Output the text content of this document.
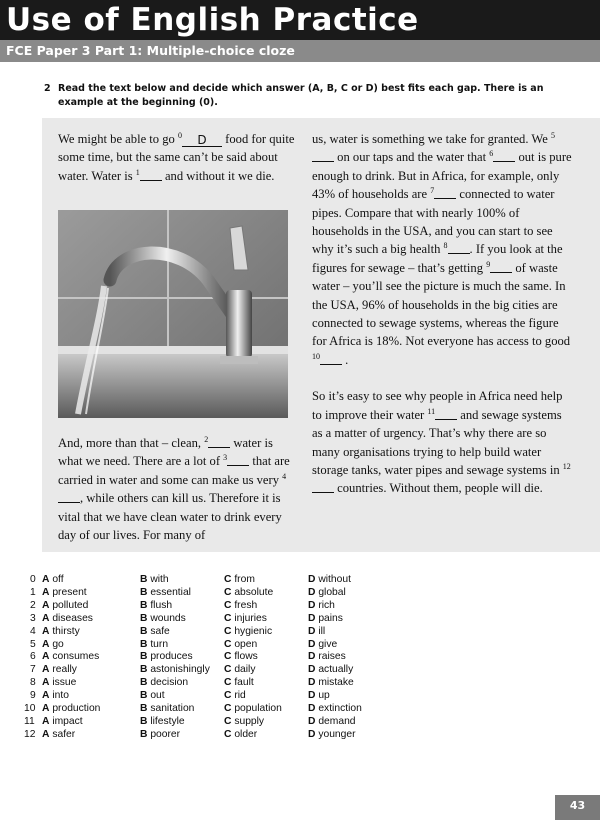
Use of English Practice
FCE Paper 3 Part 1: Multiple-choice cloze
2 Read the text below and decide which answer (A, B, C or D) best fits each gap. There is an example at the beginning (0).

We might be able to go $^0$ D food for quite some time, but the same can’t be said about water. Water is $^1$ and without it we die.

And, more than that – clean, $^2$ water is what we need. There are a lot of $^3$ that are carried in water and some can make us very $^4$, while others can kill us. Therefore it is vital that we have clean water to drink every day of our lives. For many of

us, water is something we take for granted. We $^5$ on our taps and the water that $^6$ out is pure enough to drink. But in Africa, for example, only 43% of households are $^7$ connected to water pipes. Compare that with nearly 100% of households in the USA, and you can start to see why it’s such a big health $^8$ . If you look at the figures for sewage – that’s getting $^9$ of waste water – you’ll see the picture is much the same. In the USA, 96% of households in the big cities are connected to sewage systems, whereas the figure for Africa is 18%. Not everyone has access to good $^{10}$ .

So it’s easy to see why people in Africa need help to improve their water $^{11}$ and sewage systems as a matter of urgency. That’s why there are so many organisations trying to help build water storage tanks, water pipes and sewage systems in $^{12}$ countries. Without them, people will die.

0 A off	B with	C from	D without
1 A present	B essential	C absolute	D global
2 A polluted	B flush	C fresh	D rich
3 A diseases	B wounds	C injuries	D pains
4 A thirsty	B safe	C hygienic	D ill
5 A go	B turn	C open	D give
6 A consumes	B produces	C flows	D raises
7 A really	B astonishingly C daily	D actually
8 A issue	B decision	C fault	D mistake
9 A into	B out	C rid	D up
10 A production	B sanitation	C population	D extinction
11 A impact	B lifestyle	C supply	D demand
12 A safer	B poorer	C older	D younger
43
